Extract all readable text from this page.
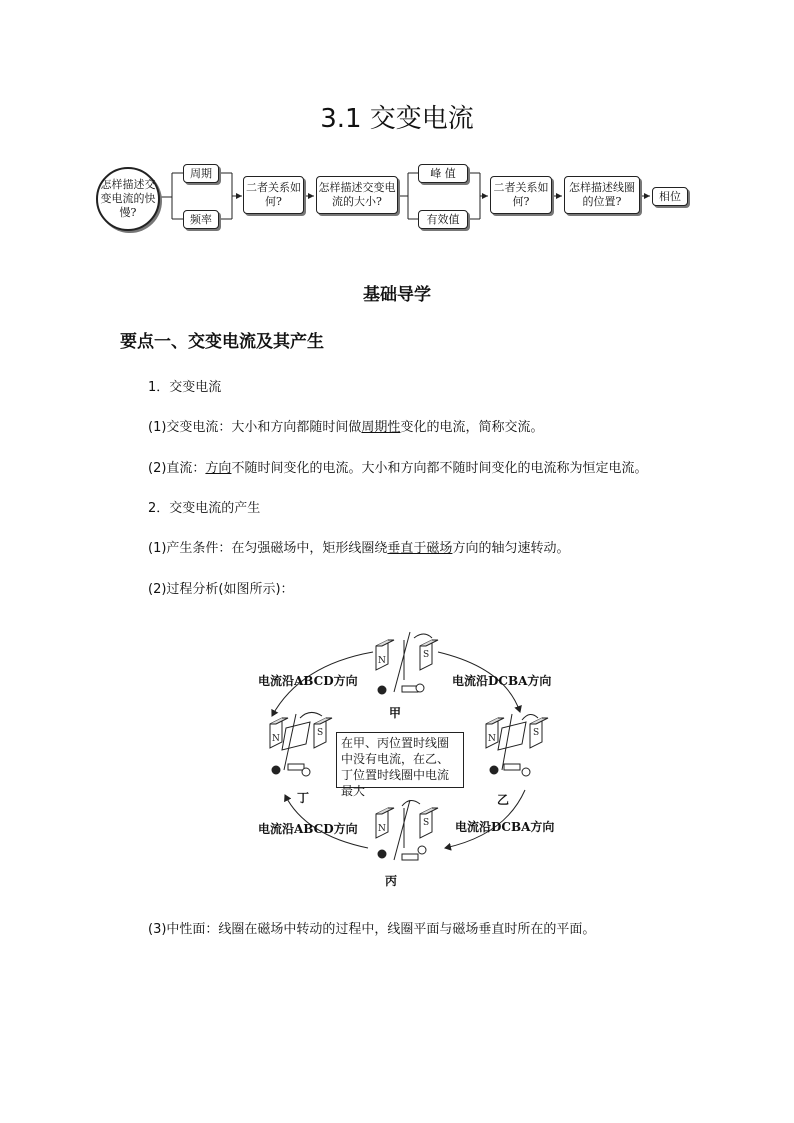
3.1 交变电流
怎样描述交变电流的快慢?
周期
频率
二者关系如何?
怎样描述交变电流的大小?
峰 值
有效值
二者关系如何?
怎样描述线圈的位置?	相位
基础导学
要点一、交变电流及其产生
1．交变电流
(1)交变电流：大小和方向都随时间做周期性变化的电流，简称交流。
(2)直流：方向不随时间变化的电流。大小和方向都不随时间变化的电流称为恒定电流。
2．交变电流的产生
(1)产生条件：在匀强磁场中，矩形线圈绕垂直于磁场方向的轴匀速转动。
(2)过程分析(如图所示)：
N
S
N
S
N
S
N
S
电流沿ABCD方向	电流沿DCBA方向
电流沿ABCD方向	电流沿DCBA方向
在甲、丙位置时线圈中没有电流，在乙、丁位置时线圈中电流最大
甲
乙
丙
丁
(3)中性面：线圈在磁场中转动的过程中，线圈平面与磁场垂直时所在的平面。
